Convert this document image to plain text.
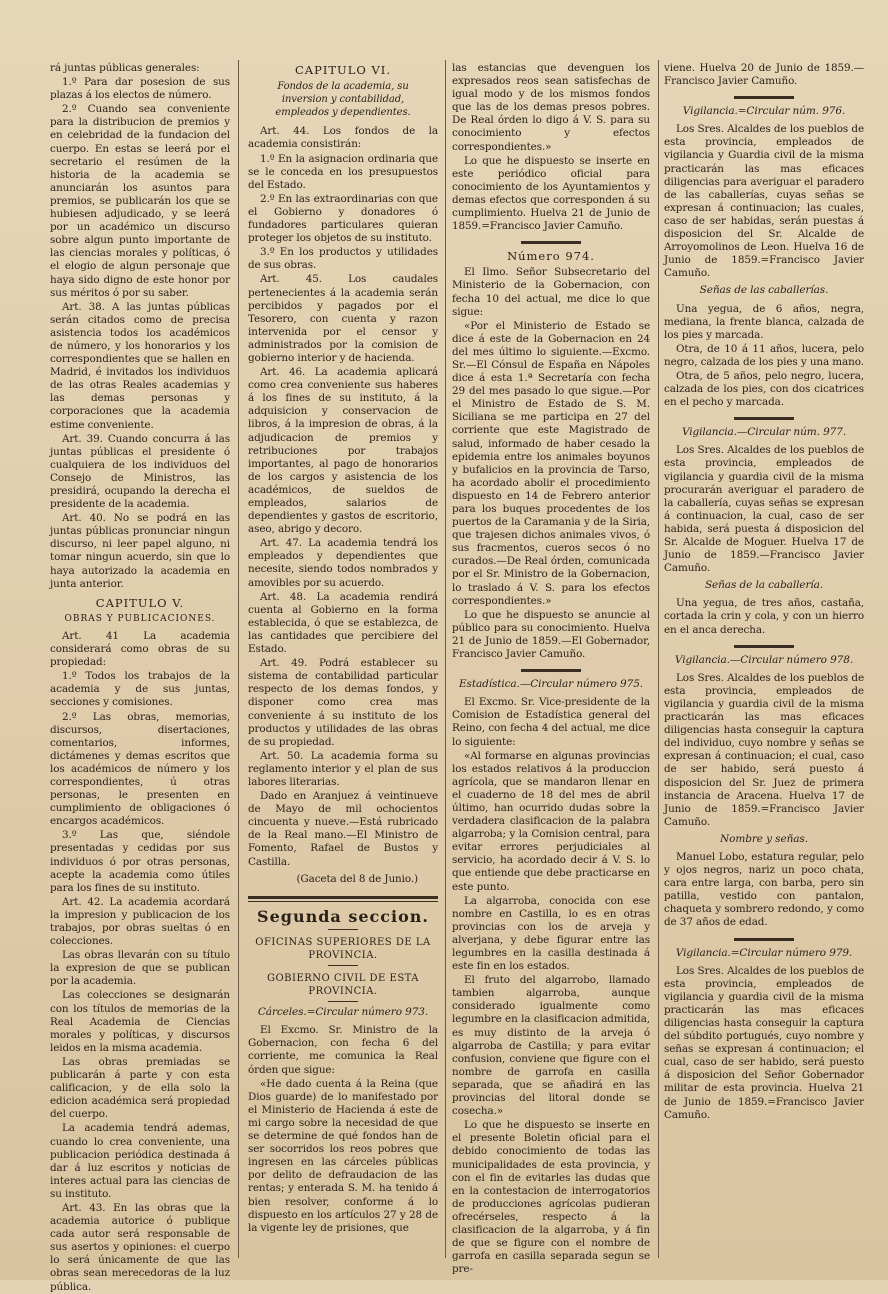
rá juntas públicas generales:

1.º Para dar posesion de sus plazas á los electos de número.

2.º Cuando sea conveniente para la distribucion de premios y en celebridad de la fundacion del cuerpo. En estas se leerá por el secretario el resúmen de la historia de la academia se anunciarán los asuntos para premios, se publicarán los que se hubiesen adjudicado, y se leerá por un académico un discurso sobre algun punto importante de las ciencias morales y políticas, ó el elogio de algun personaje que haya sido digno de este honor por sus méritos ó por su saber.

Art. 38. A las juntas públicas serán citados como de precisa asistencia todos los académicos de número, y los honorarios y los correspondientes que se hallen en Madrid, é invitados los individuos de las otras Reales academias y las demas personas y corporaciones que la academia estime conveniente.

Art. 39. Cuando concurra á las juntas públicas el presidente ó cualquiera de los individuos del Consejo de Ministros, las presidirá, ocupando la derecha el presidente de la academia.

Art. 40. No se podrá en las juntas públicas pronunciar ningun discurso, ni leer papel alguno, ni tomar ningun acuerdo, sin que lo haya autorizado la academia en junta anterior.

CAPITULO V.
OBRAS Y PUBLICACIONES.

Art. 41 La academia considerará como obras de su propiedad:

1.º Todos los trabajos de la academia y de sus juntas, secciones y comisiones.

2.º Las obras, memorias, discursos, disertaciones, comentarios, informes, dictámenes y demas escritos que los académicos de número y los correspondientes, ú otras personas, le presenten en cumplimiento de obligaciones ó encargos académicos.

3.º Las que, siéndole presentadas y cedidas por sus individuos ó por otras personas, acepte la academia como útiles para los fines de su instituto.

Art. 42. La academia acordará la impresion y publicacion de los trabajos, por obras sueltas ó en colecciones.

Las obras llevarán con su título la expresion de que se publican por la academia.

Las colecciones se designarán con los títulos de memorias de la Real Academia de Ciencias morales y políticas, y discursos leidos en la misma academia.

Las obras premiadas se publicarán á parte y con esta calificacion, y de ella solo la edicion académica será propiedad del cuerpo.

La academia tendrá ademas, cuando lo crea conveniente, una publicacion periódica destinada á dar á luz escritos y noticias de interes actual para las ciencias de su instituto.

Art. 43. En las obras que la academia autorice ó publique cada autor será responsable de sus asertos y opiniones: el cuerpo lo será únicamente de que las obras sean merecedoras de la luz pública.

CAPITULO VI.

Fondos de la academia, su inversion y contabilidad, empleados y dependientes.

Art. 44. Los fondos de la academia consistirán:

1.º En la asignacion ordinaria que se le conceda en los presupuestos del Estado.

2.º En las extraordinarias con que el Gobierno y donadores ó fundadores particulares quieran proteger los objetos de su instituto.

3.º En los productos y utilidades de sus obras.

Art. 45. Los caudales pertenecientes á la academia serán percibidos y pagados por el Tesorero, con cuenta y razon intervenida por el censor y administrados por la comision de gobierno interior y de hacienda.

Art. 46. La academia aplicará como crea conveniente sus haberes á los fines de su instituto, á la adquisicion y conservacion de libros, á la impresion de obras, á la adjudicacion de premios y retribuciones por trabajos importantes, al pago de honorarios de los cargos y asistencia de los académicos, de sueldos de empleados, salarios de dependientes y gastos de escritorio, aseo, abrigo y decoro.

Art. 47. La academia tendrá los empleados y dependientes que necesite, siendo todos nombrados y amovibles por su acuerdo.

Art. 48. La academia rendirá cuenta al Gobierno en la forma establecida, ó que se establezca, de las cantidades que percibiere del Estado.

Art. 49. Podrá establecer su sistema de contabilidad particular respecto de los demas fondos, y disponer como crea mas conveniente á su instituto de los productos y utilidades de las obras de su propiedad.

Art. 50. La academia forma su reglamento interior y el plan de sus labores literarias.

Dado en Aranjuez á veintinueve de Mayo de mil ochocientos cincuenta y nueve.—Está rubricado de la Real mano.—El Ministro de Fomento, Rafael de Bustos y Castilla.

(Gaceta del 8 de Junio.)

Segunda seccion.

OFICINAS SUPERIORES DE LA PROVINCIA.

GOBIERNO CIVIL DE ESTA PROVINCIA.

Cárceles.=Circular número 973.

El Excmo. Sr. Ministro de la Gobernacion, con fecha 6 del corriente, me comunica la Real órden que sigue:

«He dado cuenta á la Reina (que Dios guarde) de lo manifestado por el Ministerio de Hacienda á este de mi cargo sobre la necesidad de que se determine de qué fondos han de ser socorridos los reos pobres que ingresen en las cárceles públicas por delito de defraudacion de las rentas; y enterada S. M. ha tenido á bien resolver, conforme á lo dispuesto en los artículos 27 y 28 de la vigente ley de prisiones, que

las estancias que devenguen los expresados reos sean satisfechas de igual modo y de los mismos fondos que las de los demas presos pobres. De Real órden lo digo á V. S. para su conocimiento y efectos correspondientes.»

Lo que he dispuesto se inserte en este periódico oficial para conocimiento de los Ayuntamientos y demas efectos que corresponden á su cumplimiento. Huelva 21 de Junio de 1859.=Francisco Javier Camuño.

Número 974.

El Ilmo. Señor Subsecretario del Ministerio de la Gobernacion, con fecha 10 del actual, me dice lo que sigue:

«Por el Ministerio de Estado se dice á este de la Gobernacion en 24 del mes último lo siguiente.—Excmo. Sr.—El Cónsul de España en Nápoles dice á esta 1.ª Secretaría con fecha 29 del mes pasado lo que sigue.—Por el Ministro de Estado de S. M. Siciliana se me participa en 27 del corriente que este Magistrado de salud, informado de haber cesado la epidemia entre los animales boyunos y bufalicios en la provincia de Tarso, ha acordado abolir el procedimiento dispuesto en 14 de Febrero anterior para los buques procedentes de los puertos de la Caramania y de la Siria, que trajesen dichos animales vivos, ó sus fracmentos, cueros secos ó no curados.—De Real órden, comunicada por el Sr. Ministro de la Gobernacion, lo traslado á V. S. para los efectos correspondientes.»

Lo que he dispuesto se anuncie al público para su conocimiento. Huelva 21 de Junio de 1859.—El Gobernador, Francisco Javier Camuño.

Estadística.—Circular número 975.

El Excmo. Sr. Vice-presidente de la Comision de Estadística general del Reino, con fecha 4 del actual, me dice lo siguiente:

«Al formarse en algunas provincias los estados relativos á la produccion agrícola, que se mandaron llenar en el cuaderno de 18 del mes de abril último, han ocurrido dudas sobre la verdadera clasificacion de la palabra algarroba; y la Comision central, para evitar errores perjudiciales al servicio, ha acordado decir á V. S. lo que entiende que debe practicarse en este punto.

La algarroba, conocida con ese nombre en Castilla, lo es en otras provincias con los de arveja y alverjana, y debe figurar entre las legumbres en la casilla destinada á este fin en los estados.

El fruto del algarrobo, llamado tambien algarroba, aunque considerado igualmente como legumbre en la clasificacion admitida, es muy distinto de la arveja ó algarroba de Castilla; y para evitar confusion, conviene que figure con el nombre de garrofa en casilla separada, que se añadirá en las provincias del litoral donde se cosecha.»

Lo que he dispuesto se inserte en el presente Boletin oficial para el debido conocimiento de todas las municipalidades de esta provincia, y con el fin de evitarles las dudas que en la contestacion de interrogatorios de producciones agrícolas pudieran ofrecérseles, respecto á la clasificacion de la algarroba, y á fin de que se figure con el nombre de garrofa en casilla separada segun se pre-

viene. Huelva 20 de Junio de 1859.—Francisco Javier Camuño.

Vigilancia.=Circular núm. 976.

Los Sres. Alcaldes de los pueblos de esta provincia, empleados de vigilancia y Guardia civil de la misma practicarán las mas eficaces diligencias para averiguar el paradero de las caballerías, cuyas señas se expresan á continuacion; las cuales, caso de ser habidas, serán puestas á disposicion del Sr. Alcalde de Arroyomolinos de Leon. Huelva 16 de Junio de 1859.=Francisco Javier Camuño.

Señas de las caballerías.

Una yegua, de 6 años, negra, mediana, la frente blanca, calzada de los pies y marcada.

Otra, de 10 á 11 años, lucera, pelo negro, calzada de los pies y una mano.

Otra, de 5 años, pelo negro, lucera, calzada de los pies, con dos cicatrices en el pecho y marcada.

Vigilancia.—Circular núm. 977.

Los Sres. Alcaldes de los pueblos de esta provincia, empleados de vigilancia y guardia civil de la misma procurarán averiguar el paradero de la caballería, cuyas señas se expresan á continuacion, la cual, caso de ser habida, será puesta á disposicion del Sr. Alcalde de Moguer. Huelva 17 de Junio de 1859.—Francisco Javier Camuño.

Señas de la caballería.

Una yegua, de tres años, castaña, cortada la crin y cola, y con un hierro en el anca derecha.

Vigilancia.—Circular número 978.

Los Sres. Alcaldes de los pueblos de esta provincia, empleados de vigilancia y guardia civil de la misma practicarán las mas eficaces diligencias hasta conseguir la captura del individuo, cuyo nombre y señas se expresan á continuacion; el cual, caso de ser habido, será puesto á disposicion del Sr. Juez de primera instancia de Aracena. Huelva 17 de Junio de 1859.=Francisco Javier Camuño.

Nombre y señas.

Manuel Lobo, estatura regular, pelo y ojos negros, nariz un poco chata, cara entre larga, con barba, pero sin patilla, vestido con pantalon, chaqueta y sombrero redondo, y como de 37 años de edad.

Vigilancia.=Circular número 979.

Los Sres. Alcaldes de los pueblos de esta provincia, empleados de vigilancia y guardia civil de la misma practicarán las mas eficaces diligencias hasta conseguir la captura del súbdito portugués, cuyo nombre y señas se expresan á continuacion; el cual, caso de ser habido, será puesto á disposicion del Señor Gobernador militar de esta provincia. Huelva 21 de Junio de 1859.=Francisco Javier Camuño.
